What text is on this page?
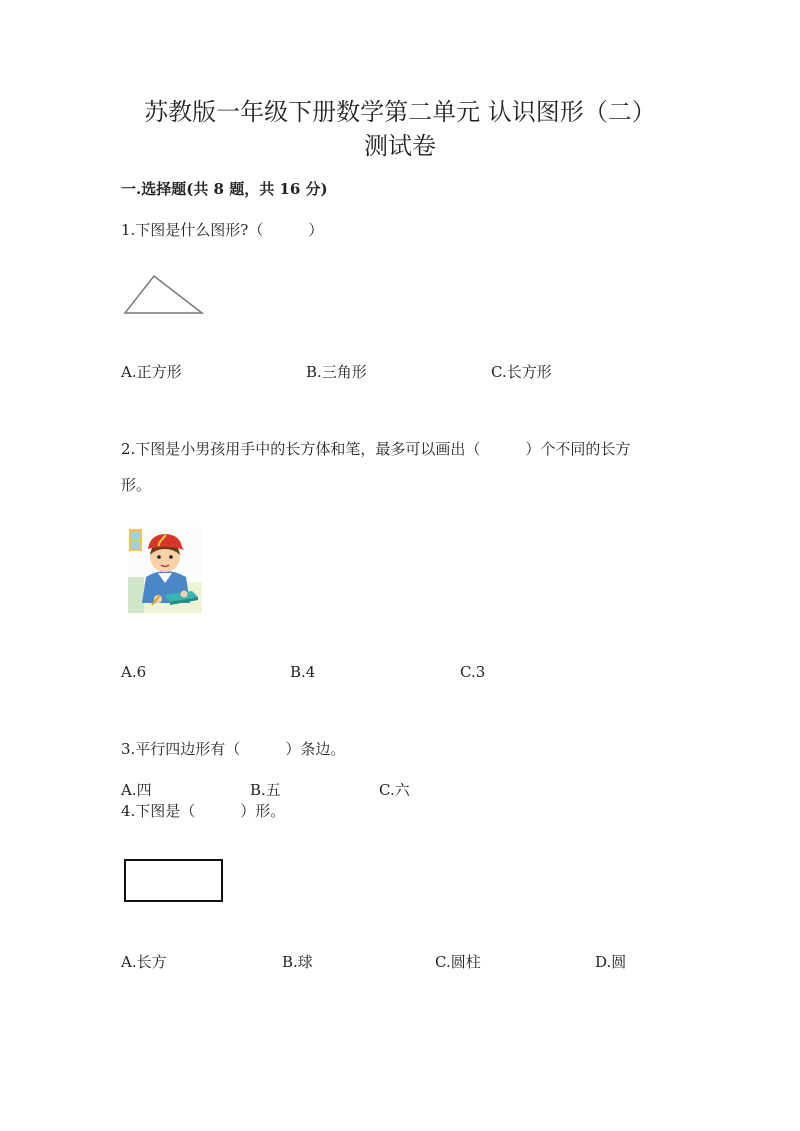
苏教版一年级下册数学第二单元 认识图形（二）
测试卷
一.选择题(共 8 题，共 16 分)
1.下图是什么图形?（　　　）
A.正方形	B.三角形	C.长方形
2.下图是小男孩用手中的长方体和笔，最多可以画出（　　　）个不同的长方
形。
A.6	B.4	C.3
3.平行四边形有（　　　）条边。
A.四	B.五	C.六
4.下图是（　　　）形。
A.长方	B.球	C.圆柱	D.圆
